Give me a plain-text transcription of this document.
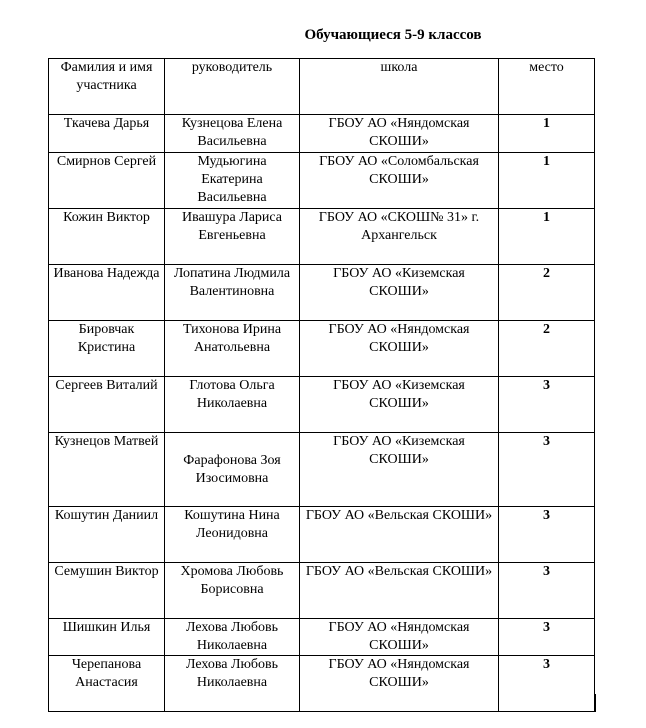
Обучающиеся 5-9 классов
Фамилия и имя участника	руководитель	школа	место
Ткачева Дарья	Кузнецова Елена Васильевна	ГБОУ АО «Няндомская СКОШИ»	1
Смирнов Сергей	Мудьюгина Екатерина Васильевна	ГБОУ АО «Соломбальская СКОШИ»	1
Кожин Виктор	Ивашура Лариса Евгеньевна	ГБОУ АО «СКОШ№ 31» г. Архангельск	1
Иванова Надежда	Лопатина Людмила Валентиновна	ГБОУ АО «Киземская СКОШИ»	2
Бировчак Кристина	Тихонова Ирина Анатольевна	ГБОУ АО «Няндомская СКОШИ»	2
Сергеев Виталий	Глотова Ольга Николаевна	ГБОУ АО «Киземская СКОШИ»	3
Кузнецов Матвей	Фарафонова Зоя Изосимовна	ГБОУ АО «Киземская СКОШИ»	3
Кошутин Даниил	Кошутина Нина Леонидовна	ГБОУ АО «Вельская СКОШИ»	3
Семушин Виктор	Хромова Любовь Борисовна	ГБОУ АО «Вельская СКОШИ»	3
Шишкин Илья	Лехова Любовь Николаевна	ГБОУ АО «Няндомская СКОШИ»	3
Черепанова Анастасия	Лехова Любовь Николаевна	ГБОУ АО «Няндомская СКОШИ»	3
